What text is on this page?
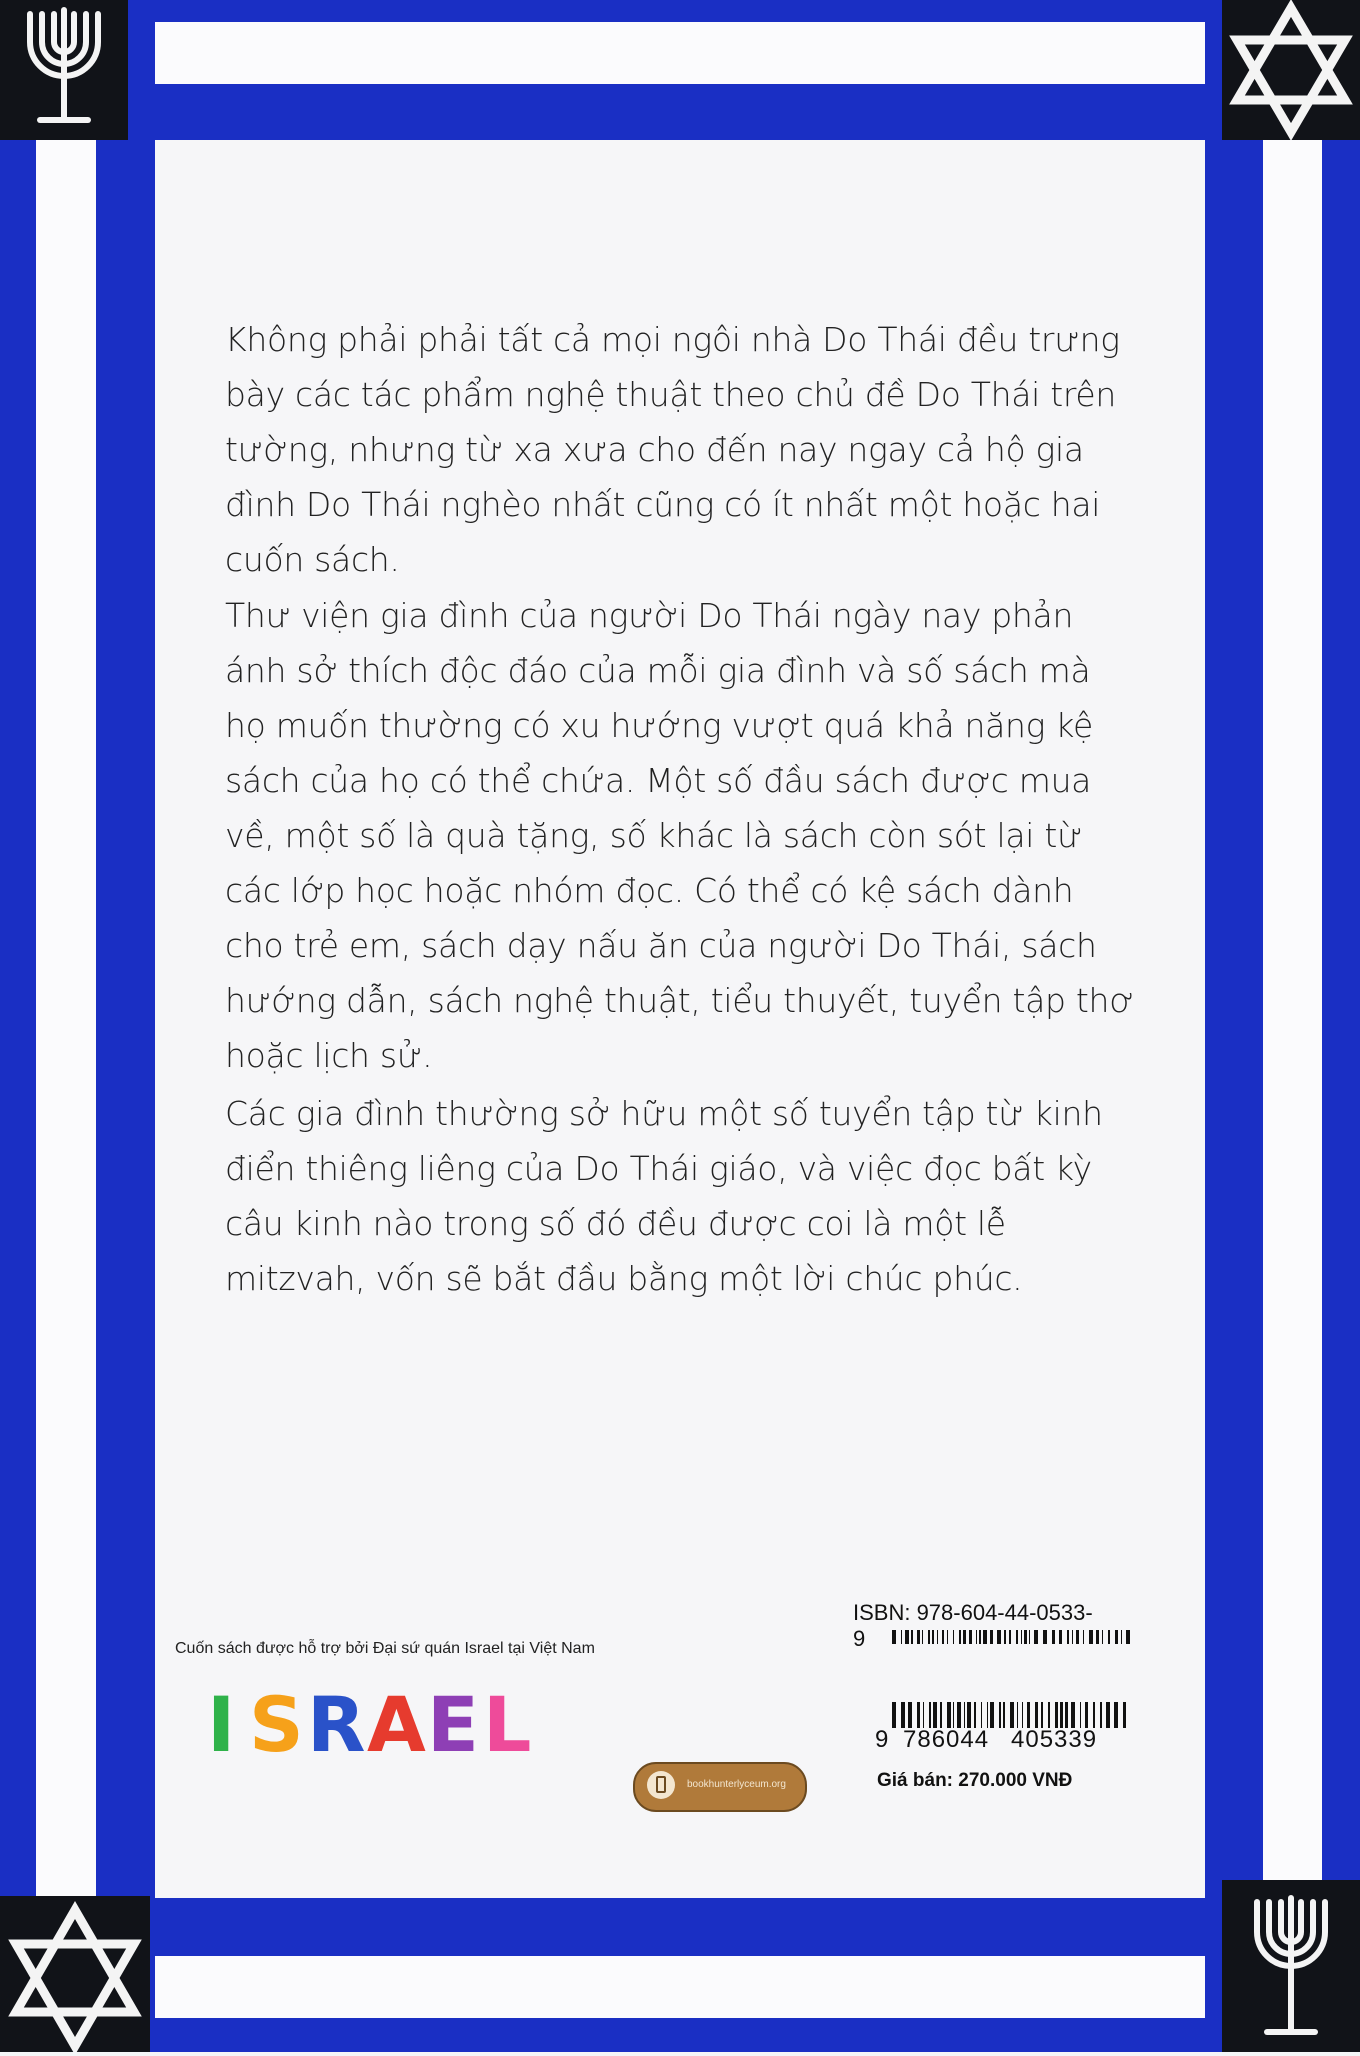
Không phải phải tất cả mọi ngôi nhà Do Thái đều trưng bày các tác phẩm nghệ thuật theo chủ đề Do Thái trên tường, nhưng từ xa xưa cho đến nay ngay cả hộ gia đình Do Thái nghèo nhất cũng có ít nhất một hoặc hai cuốn sách.

Thư viện gia đình của người Do Thái ngày nay phản ánh sở thích độc đáo của mỗi gia đình và số sách mà họ muốn thường có xu hướng vượt quá khả năng kệ sách của họ có thể chứa. Một số đầu sách được mua về, một số là quà tặng, số khác là sách còn sót lại từ các lớp học hoặc nhóm đọc. Có thể có kệ sách dành cho trẻ em, sách dạy nấu ăn của người Do Thái, sách hướng dẫn, sách nghệ thuật, tiểu thuyết, tuyển tập thơ hoặc lịch sử.

Các gia đình thường sở hữu một số tuyển tập từ kinh điển thiêng liêng của Do Thái giáo, và việc đọc bất kỳ câu kinh nào trong số đó đều được coi là một lễ mitzvah, vốn sẽ bắt đầu bằng một lời chúc phúc.

Cuốn sách được hỗ trợ bởi Đại sứ quán Israel tại Việt Nam
I S R A E L
bookhunterlyceum.org
ISBN: 978-604-44-0533-9
9 786044 405339
Giá bán: 270.000 VNĐ
